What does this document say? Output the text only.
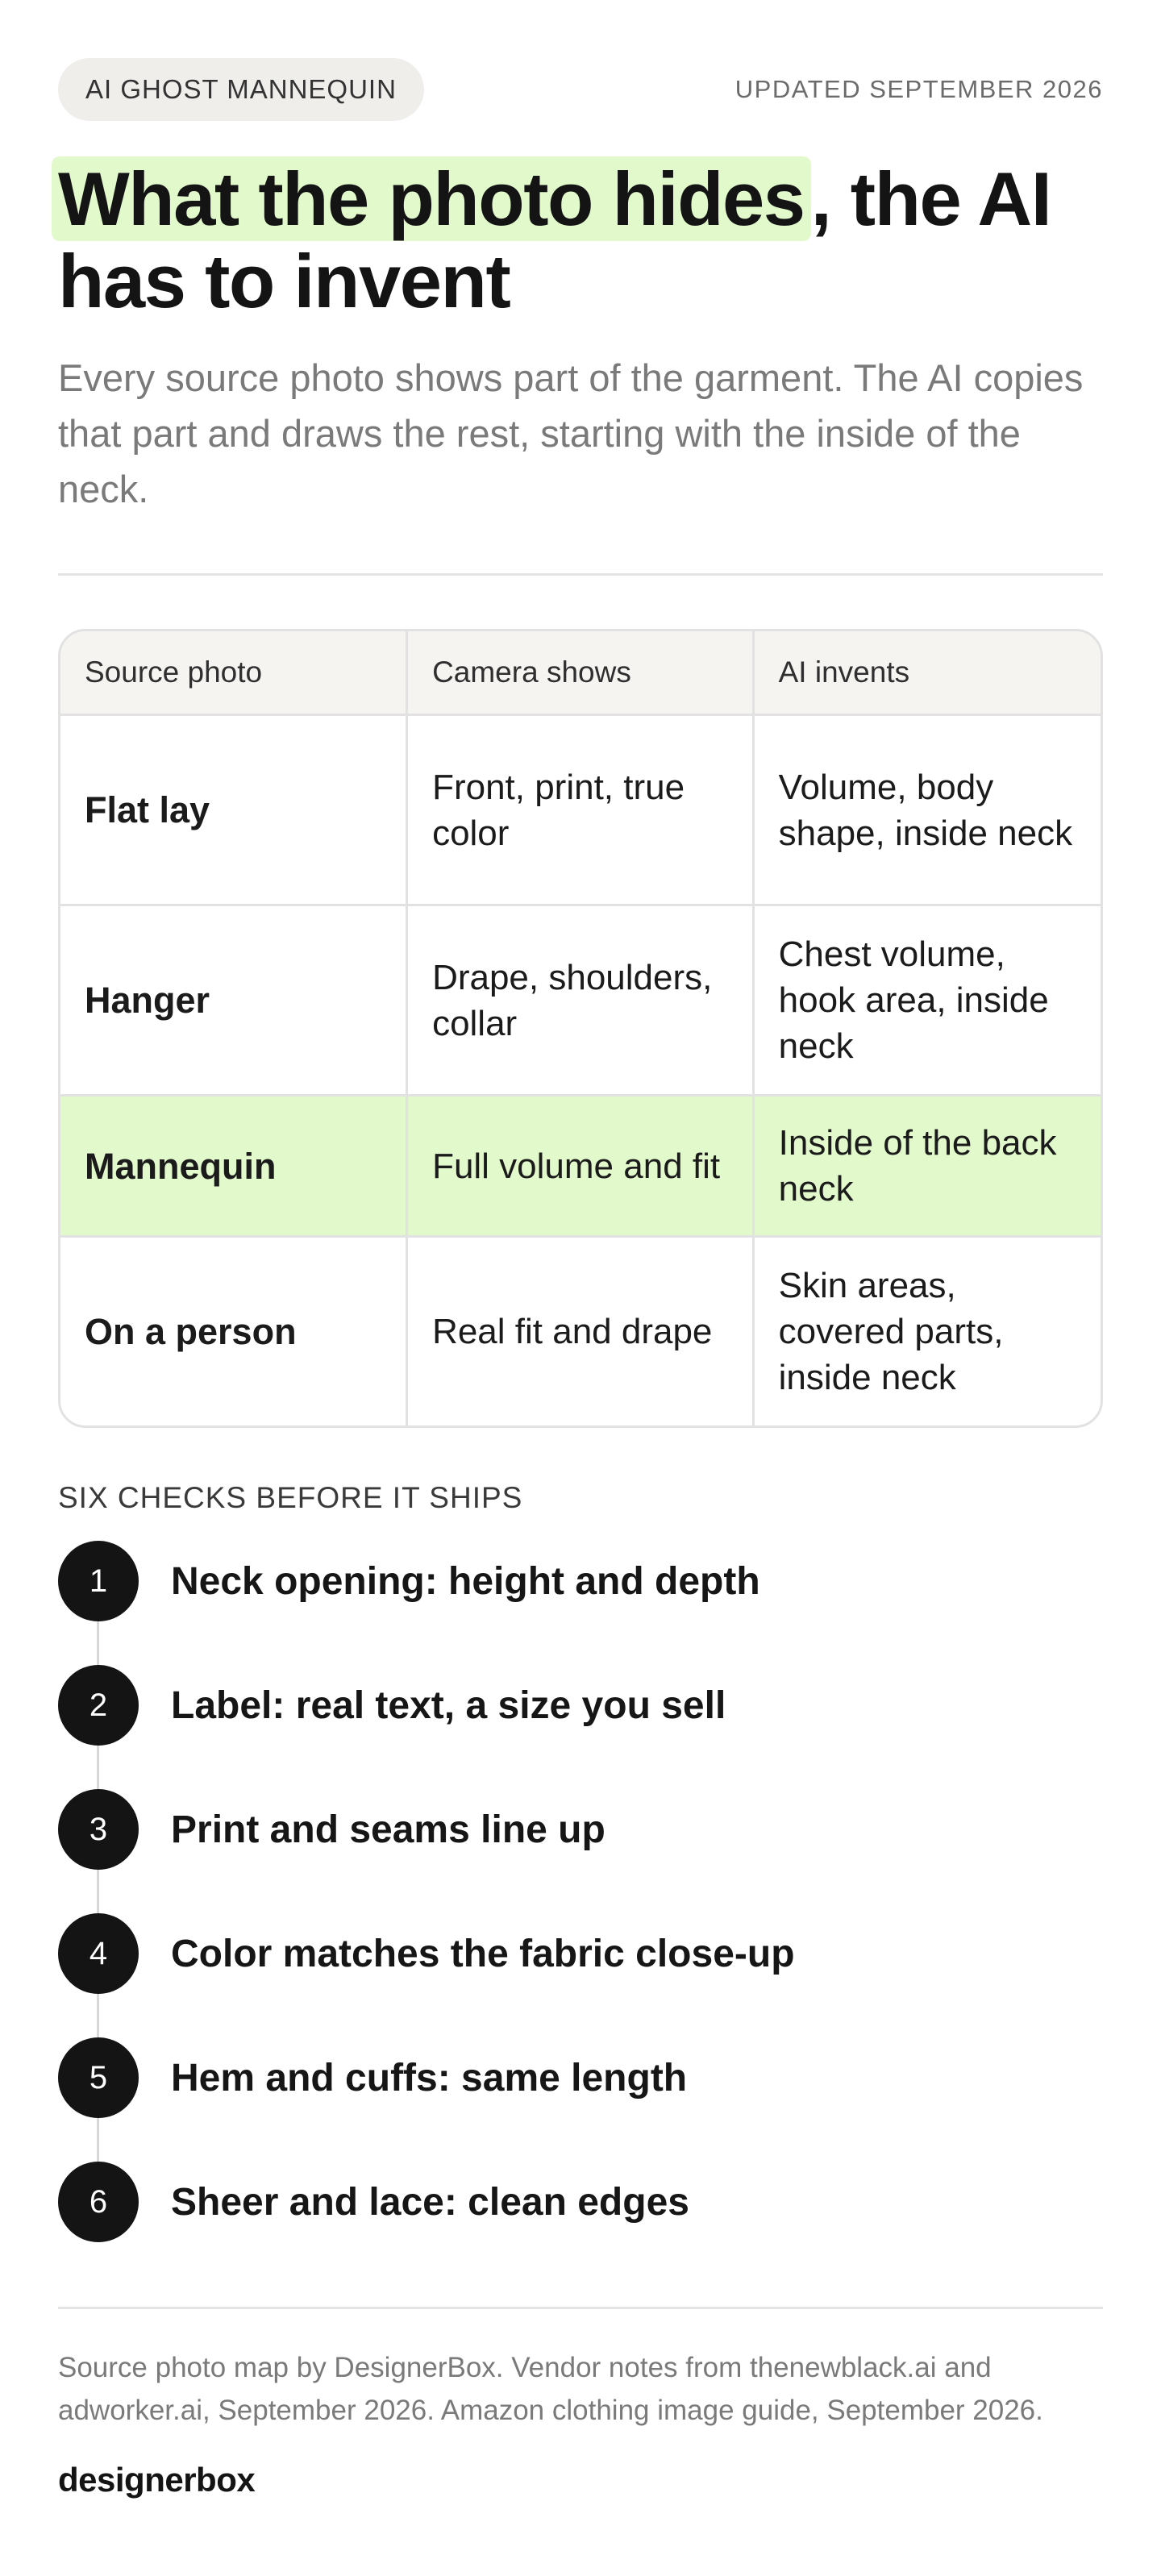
AI GHOST MANNEQUIN	UPDATED SEPTEMBER 2026
What the photo hides, the AI has to invent

Every source photo shows part of the garment. The AI copies that part and draws the rest, starting with the inside of the neck.

Source photo	Camera shows	AI invents
Flat lay	Front, print, true color	Volume, body shape, inside neck
Hanger	Drape, shoulders, collar	Chest volume, hook area, inside neck
Mannequin	Full volume and fit	Inside of the back neck
On a person	Real fit and drape	Skin areas, covered parts, inside neck
SIX CHECKS BEFORE IT SHIPS
1	Neck opening: height and depth
2	Label: real text, a size you sell
3	Print and seams line up
4	Color matches the fabric close-up
5	Hem and cuffs: same length
6	Sheer and lace: clean edges

Source photo map by DesignerBox. Vendor notes from thenewblack.ai and adworker.ai, September 2026. Amazon clothing image guide, September 2026.

designerbox
